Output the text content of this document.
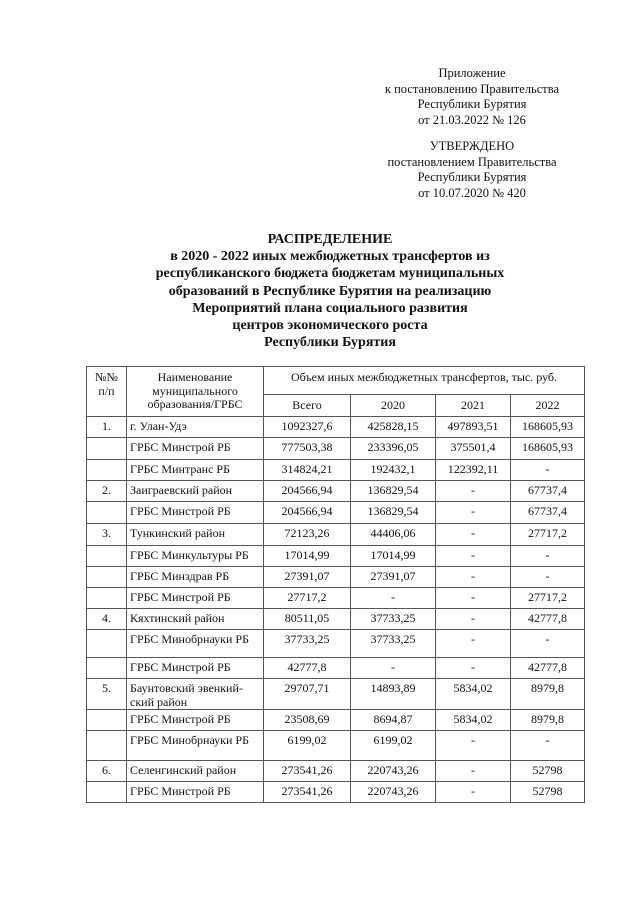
Приложение
к постановлению Правительства
Республики Бурятия
от 21.03.2022 № 126
УТВЕРЖДЕНО
постановлением Правительства
Республики Бурятия
от 10.07.2020 № 420
РАСПРЕДЕЛЕНИЕ
в 2020 - 2022 иных межбюджетных трансфертов из
республиканского бюджета бюджетам муниципальных
образований в Республике Бурятия на реализацию
Мероприятий плана социального развития
центров экономического роста
Республики Бурятия
№№ п/п	Наименование муниципального образования/ГРБС	Объем иных межбюджетных трансфертов, тыс. руб.			
		Всего	2020	2021	2022
1.	г. Улан-Удэ	1092327,6	425828,15	497893,51	168605,93
	ГРБС Минстрой РБ	777503,38	233396,05	375501,4	168605,93
	ГРБС Минтранс РБ	314824,21	192432,1	122392,11	-
2.	Заиграевский район	204566,94	136829,54	-	67737,4
	ГРБС Минстрой РБ	204566,94	136829,54	-	67737,4
3.	Тункинский район	72123,26	44406,06	-	27717,2
	ГРБС Минкультуры РБ	17014,99	17014,99	-	-
	ГРБС Минздрав РБ	27391,07	27391,07	-	-
	ГРБС Минстрой РБ	27717,2	-	-	27717,2
4.	Кяхтинский район	80511,05	37733,25	-	42777,8
	ГРБС Минобрнауки РБ	37733,25	37733,25	-	-
	ГРБС Минстрой РБ	42777,8	-	-	42777,8
5.	Баунтовский эвенкий-ский район	29707,71	14893,89	5834,02	8979,8
	ГРБС Минстрой РБ	23508,69	8694,87	5834,02	8979,8
	ГРБС Минобрнауки РБ	6199,02	6199,02	-	-
6.	Селенгинский район	273541,26	220743,26	-	52798
	ГРБС Минстрой РБ	273541,26	220743,26	-	52798
